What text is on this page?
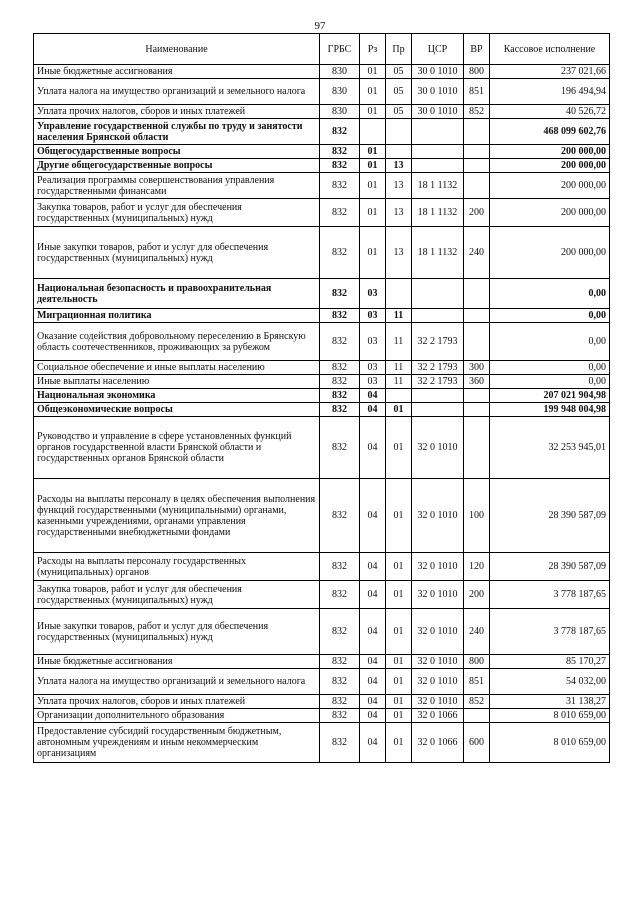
97
Наименование	ГРБС	Рз	Пр	ЦСР	ВР	Кассовое исполнение
Иные бюджетные ассигнования	830	01	05	30 0 1010	800	237 021,66
Уплата налога на имущество организаций и земельного налога	830	01	05	30 0 1010	851	196 494,94
Уплата прочих налогов, сборов и иных платежей	830	01	05	30 0 1010	852	40 526,72
Управление государственной службы по труду и занятости населения Брянской области	832					468 099 602,76
Общегосударственные вопросы	832	01				200 000,00
Другие общегосударственные вопросы	832	01	13			200 000,00
Реализация программы совершенствования управления государственными финансами	832	01	13	18 1 1132		200 000,00
Закупка товаров, работ и услуг для обеспечения государственных (муниципальных) нужд	832	01	13	18 1 1132	200	200 000,00
Иные закупки товаров, работ и услуг для обеспечения государственных (муниципальных) нужд	832	01	13	18 1 1132	240	200 000,00
Национальная безопасность и правоохранительная деятельность	832	03				0,00
Миграционная политика	832	03	11			0,00
Оказание содействия добровольному переселению в Брянскую область соотечественников, проживающих за рубежом	832	03	11	32 2 1793		0,00
Социальное обеспечение и иные выплаты населению	832	03	11	32 2 1793	300	0,00
Иные выплаты населению	832	03	11	32 2 1793	360	0,00
Национальная экономика	832	04				207 021 904,98
Общеэкономические вопросы	832	04	01			199 948 004,98
Руководство и управление в сфере установленных функций органов государственной власти Брянской области и государственных органов Брянской области	832	04	01	32 0 1010		32 253 945,01
Расходы на выплаты персоналу в целях обеспечения выполнения функций государственными (муниципальными) органами, казенными учреждениями, органами управления государственными внебюджетными фондами	832	04	01	32 0 1010	100	28 390 587,09
Расходы на выплаты персоналу государственных (муниципальных) органов	832	04	01	32 0 1010	120	28 390 587,09
Закупка товаров, работ и услуг для обеспечения государственных (муниципальных) нужд	832	04	01	32 0 1010	200	3 778 187,65
Иные закупки товаров, работ и услуг для обеспечения государственных (муниципальных) нужд	832	04	01	32 0 1010	240	3 778 187,65
Иные бюджетные ассигнования	832	04	01	32 0 1010	800	85 170,27
Уплата налога на имущество организаций и земельного налога	832	04	01	32 0 1010	851	54 032,00
Уплата прочих налогов, сборов и иных платежей	832	04	01	32 0 1010	852	31 138,27
Организации дополнительного образования	832	04	01	32 0 1066		8 010 659,00
Предоставление субсидий государственным бюджетным, автономным учреждениям и иным некоммерческим организациям	832	04	01	32 0 1066	600	8 010 659,00
